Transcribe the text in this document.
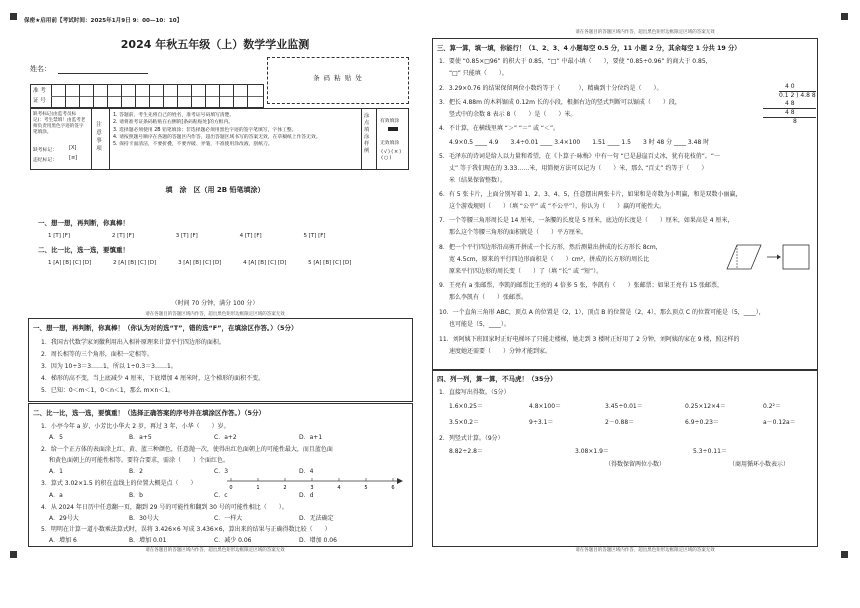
保密★启用前【考试时间：2025年1月9日 9：00—10：10】
2024 年秋五年级（上）数学学业监测
姓名：
条 码 粘 贴 处
准 考
证 号
缺考标记(由监考员标记)：考生禁填！由监考老师负责用黑色字迹的签字笔填涂。
缺考标记： [X]
违纪标记： [≡]
注意事项
1. 答题前，考生先将自己的姓名，准考证号码填写清楚。
2. 请将准考证条码粘贴在右侧的[条码粘贴处]的方框内。
3. 选择题必须使用 2B 铅笔填涂；非选择题必须用黑色字迹的签字笔填写，字体工整。
4. 请按照题号顺序在各题的答题区内作答，超出答题区域书写的答案无效，在草稿纸上作答无效。
5. 保持卡面清洁，不要折叠，不要弄破、弄皱，不准使用涂改液、刮纸刀。
涂点填涂样例
有效填涂
无效填涂
⟨√⟩⟨×⟩⟨○⟩
填　涂　区（用 2B 铅笔填涂）
一、想一想，再判断，你真棒！
1 [T] [F]	2 [T] [F]	3 [T] [F]	4 [T] [F]	5 [T] [F]
二、比一比，选一选，要慎重！
1 [A] [B] [C] [D]	2 [A] [B] [C] [D]	3 [A] [B] [C] [D]	4 [A] [B] [C] [D]	5 [A] [B] [C] [D]
（时间 70 分钟，满分 100 分）
请在各题目的答题区域内作答，超出黑色矩形边框限定区域的答案无效
一、想一想，再判断，你真棒！（你认为对的选“T”，错的选“F”，在填涂区作答。）（5分）
1．我国古代数学家刘徽利用出入相补原理来计算平行四边形的面积。
2．周长相等的三个角形，面积一定相等。
3．因为 10÷3＝3……1，所以 1÷0.3＝3……1。
4．梯形的高不变，当上底减少 4 厘米，下底增加 4 厘米时，这个梯形的面积不变。
5．已知：0＜m＜1，0＜n＜1，那么 m×n＜1。
二、比一比，选一选，要慎重！（选择正确答案的序号并在填涂区作答。）（5分）
1．小亭今年 a 岁，小芳比小华大 2 岁，再过 3 年，小华（　　）岁。
A．5	B．a+5	C．a+2	D．a+1
2．给一个正方体的表面涂上红、黄、蓝三种颜色，任意抛一次，使得出红色面朝上的可能性最大，而且蓝色面
和黄色面朝上的可能性相等。要符合要求，需涂（　　）个面红色。
A．1	B．2	C．3	D．4
3．算式 3.02×1.5 的积在直线上的位置大概是点（　　）
0	1	2	3	4	5	6
A．a	B．b	C．c	D．d
4．从 2024 年日历中任意翻一页，翻到 29 号的可能性和翻到 30 号的可能性相比（　　）。
A．29号大	B．30号大	C．一样大	D．无法确定
5．明明在计算一道小数乘法算式时，误将 3.426×6 写成 3.436×6，算出来的结果与正确得数比较（　　）
A．增加 6	B．增加 0.01	C．减少 0.06	D．增加 0.06
请在各题目的答题区域内作答，超出黑色矩形边框限定区域的答案无效
请在各题目的答题区域内作答，超出黑色矩形边框限定区域的答案无效
三、算一算，填一填，你能行！（1、2、3、4 小题每空 0.5 分，11 小题 2 分，其余每空 1 分共 19 分）
1．要使 “0.85×□96” 的积大于 0.85，“□” 中最小填（　　），要使 “0.85÷0.96” 的商大于 0.85，
“□” 只能填（　　）。
2．3.29×0.76 的结果保留两位小数约等于（　　　），精确到十分位约是（　　）。
3．把长 4.88m 的木料锯成 0.12m 长的小段，根据右边的竖式判断可以锯成（　　）段，
竖式中的余数 8 表示 8（　　）是（　　）米。
4 0
0.1 2 ) 4.8 8
4 8
4 8
8
4．不计算，在横线里填 “＞” “＝” 或 “＜”。
4.9×0.5 ____ 4.9　　3.4÷0.01 ____ 3.4×100　　1.5̇1 ____ 1.5̇　　3 时 48 分 ____ 3.48 时
5．毛泽东的诗词是给人以力量和希望，在《卜算子·咏梅》中有一句 “已是悬崖百丈冰，犹有花枝俏”。“一
丈” 等于我们现在的 3.33……米，用简便方法可以记为（　　）米，那么 “百丈” 约等于（　　）
米（结果保留整数）。
6．有 5 张卡片，上面分别写着 1、2、3、4、5，任意摆出两张卡片，如果和是奇数为小明赢，和是双数小丽赢，
这个游戏规则（　　）（填 “公平” 或 “不公平”），你认为（　　）赢的可能性大。
7．一个等腰三角形周长是 14 厘米，一条腰的长度是 5 厘米，底边的长度是（　　）厘米，如果高是 4 厘米，
那么这个等腰三角形的面积就是（　　）平方厘米。
8．把一个平行四边形沿高剪开拼成一个长方形，然后测量出拼成的长方形长 8cm，
宽 4.5cm，原来的平行四边形面积是（　　）cm²，拼成的长方形的周长比
原来平行四边形的周长变（　　）了（填 “长” 或 “短”）。
9．王亮有 a 张邮票，李凯的邮票比王亮的 4 倍多 5 张，李凯有（　　）张邮票；如果王亮有 15 张邮票，
那么李凯有（　　）张邮票。
10．一个直角三角形 ABC，顶点 A 的位置是（2，1），顶点 B 的位置是（2，4），那么顶点 C 的位置可能是（5，____），
也可能是（5，____）。
11．刘阿姨下班回家时正好电梯坏了只能走楼梯，她走到 3 楼时正好用了 2 分钟，刘阿姨的家在 9 楼，照这样的
速度她还需要（　　）分钟才能到家。
四、列一列，算一算，不马虎！（35分）
1．直接写出得数。（5分）
1.6×0.25＝	4.8×100＝	3.45÷0.01＝	0.25×12×4＝	0.2²＝
3.5×0.2＝	9÷3.1＝	2－0.88＝	6.9÷0.23＝	a－0.12a＝
2．列竖式计算。（9分）
8.82÷2.8＝	3.08×1.9＝	5.3÷0.11＝
（得数保留两位小数）	（商用循环小数表示）
请在各题目的答题区域内作答，超出黑色矩形边框限定区域的答案无效
